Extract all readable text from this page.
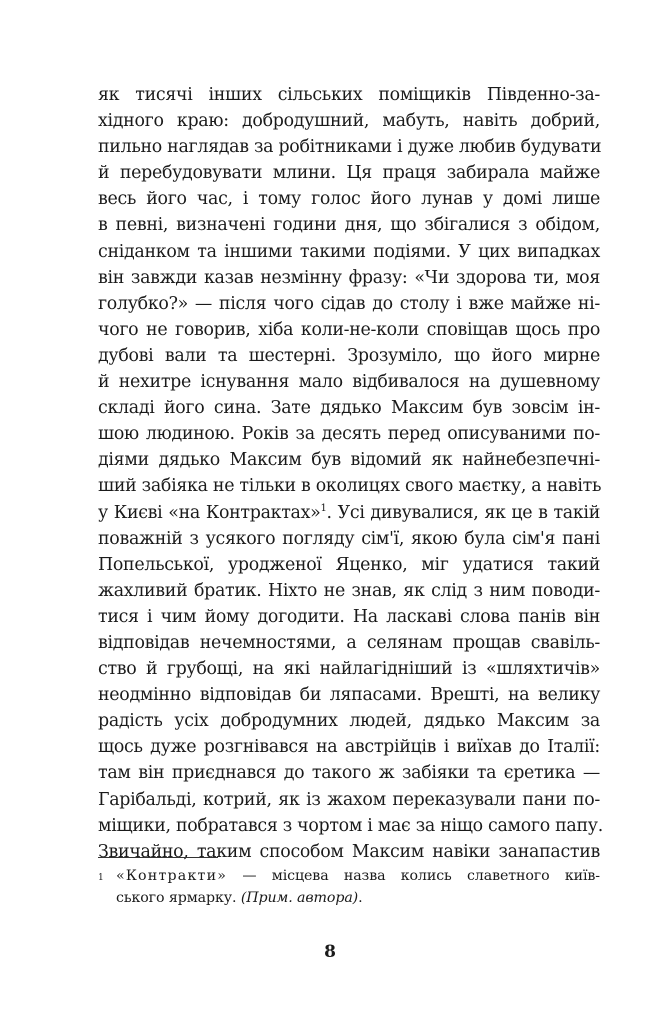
як тисячі інших сільських поміщиків Південно-за-
хідного краю: добродушний, мабуть, навіть добрий,
пильно наглядав за робітниками і дуже любив будувати
й перебудовувати млини. Ця праця забирала майже
весь його час, і тому голос його лунав у домі лише
в певні, визначені години дня, що збігалися з обідом,
сніданком та іншими такими подіями. У цих випадках
він завжди казав незмінну фразу: «Чи здорова ти, моя
голубко?» — після чого сідав до столу і вже майже ні-
чого не говорив, хіба коли-не-коли сповіщав щось про
дубові вали та шестерні. Зрозуміло, що його мирне
й нехитре існування мало відбивалося на душевному
складі його сина. Зате дядько Максим був зовсім ін-
шою людиною. Років за десять перед описуваними по-
діями дядько Максим був відомий як найнебезпечні-
ший забіяка не тільки в околицях свого маєтку, а навіть
у Києві «на Контрактах»$^1$. Усі дивувалися, як це в такій
поважній з усякого погляду сім'ї, якою була сім'я пані
Попельської, уродженої Яценко, міг удатися такий
жахливий братик. Ніхто не знав, як слід з ним поводи-
тися і чим йому догодити. На ласкаві слова панів він
відповідав нечемностями, а селянам прощав свавіль-
ство й грубощі, на які найлагідніший із «шляхтичів»
неодмінно відповідав би ляпасами. Врешті, на велику
радість усіх добродумних людей, дядько Максим за
щось дуже розгнівався на австрійців і виїхав до Італії:
там він приєднався до такого ж забіяки та єретика —
Гарібальді, котрий, як із жахом переказували пани по-
міщики, побратався з чортом і має за ніщо самого папу.
Звичайно, таким способом Максим навіки занапастив
1 «Контракти» — місцева назва колись славетного київ-
ського ярмарку. (Прим. автора).
8
